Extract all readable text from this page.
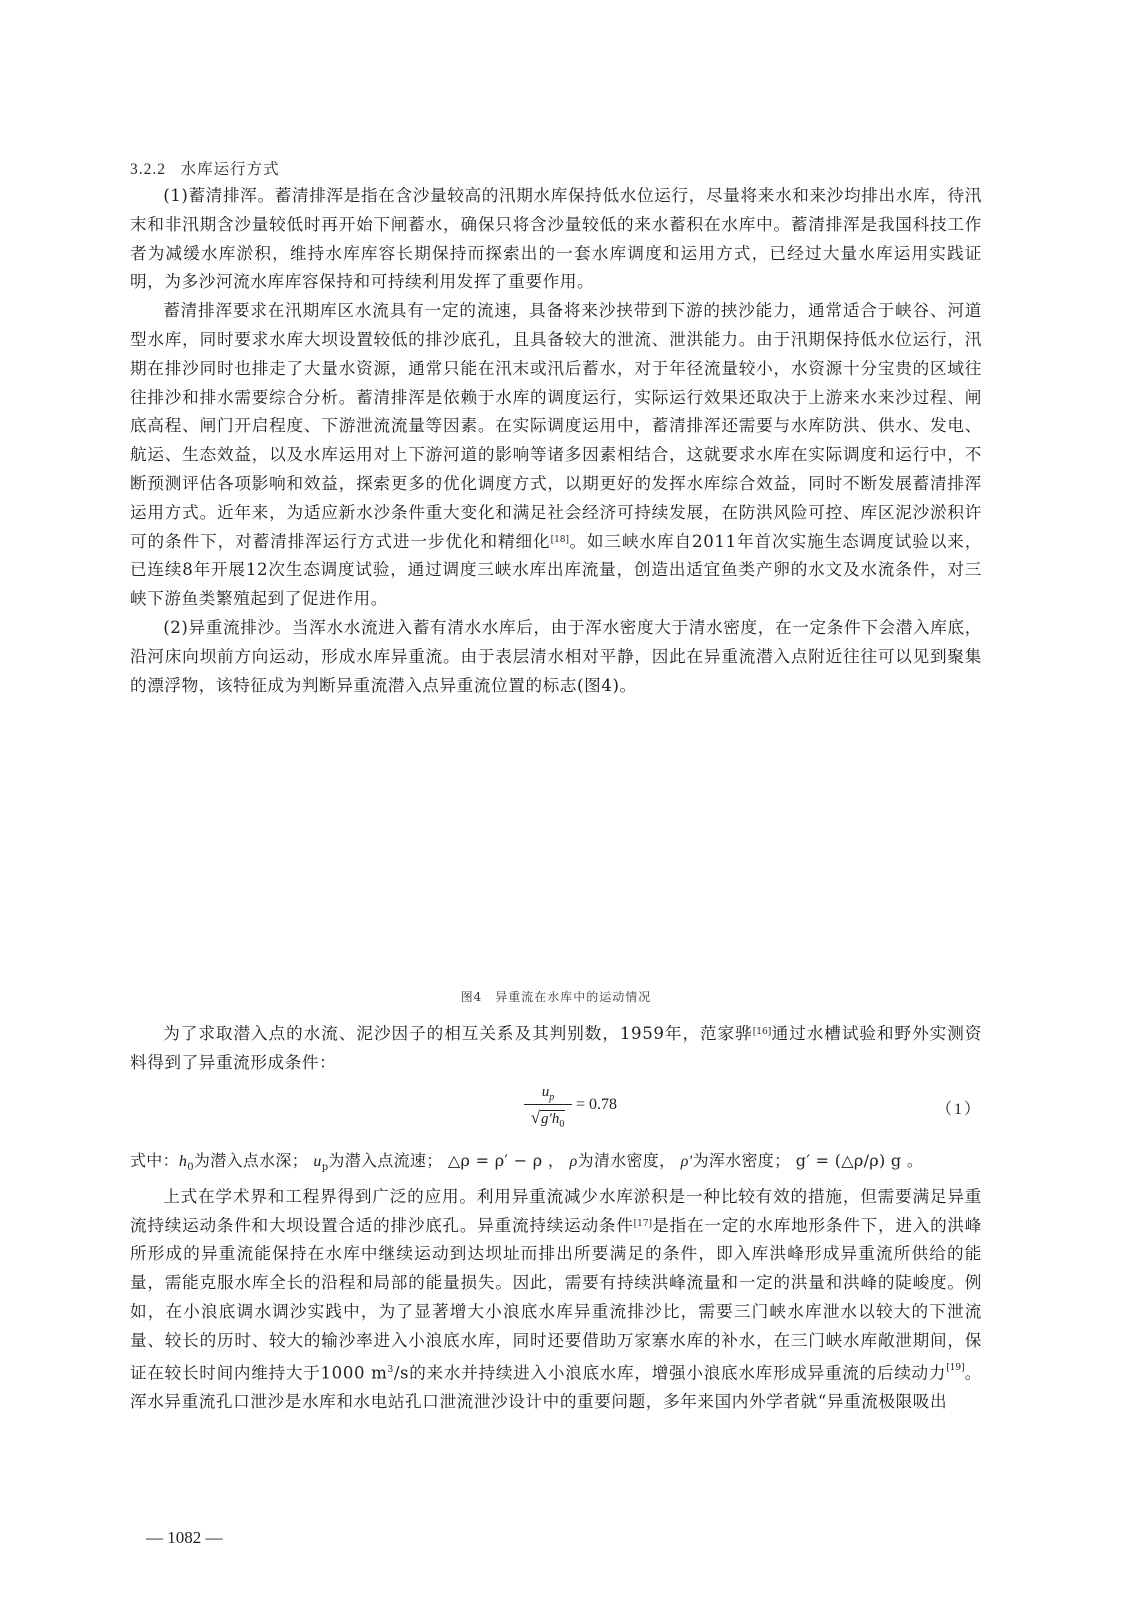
3.2.2 水库运行方式

(1)蓄清排浑。蓄清排浑是指在含沙量较高的汛期水库保持低水位运行，尽量将来水和来沙均排出水库，待汛末和非汛期含沙量较低时再开始下闸蓄水，确保只将含沙量较低的来水蓄积在水库中。蓄清排浑是我国科技工作者为减缓水库淤积，维持水库库容长期保持而探索出的一套水库调度和运用方式，已经过大量水库运用实践证明，为多沙河流水库库容保持和可持续利用发挥了重要作用。

蓄清排浑要求在汛期库区水流具有一定的流速，具备将来沙挟带到下游的挟沙能力，通常适合于峡谷、河道型水库，同时要求水库大坝设置较低的排沙底孔，且具备较大的泄流、泄洪能力。由于汛期保持低水位运行，汛期在排沙同时也排走了大量水资源，通常只能在汛末或汛后蓄水，对于年径流量较小，水资源十分宝贵的区域往往排沙和排水需要综合分析。蓄清排浑是依赖于水库的调度运行，实际运行效果还取决于上游来水来沙过程、闸底高程、闸门开启程度、下游泄流流量等因素。在实际调度运用中，蓄清排浑还需要与水库防洪、供水、发电、航运、生态效益，以及水库运用对上下游河道的影响等诸多因素相结合，这就要求水库在实际调度和运行中，不断预测评估各项影响和效益，探索更多的优化调度方式，以期更好的发挥水库综合效益，同时不断发展蓄清排浑运用方式。近年来，为适应新水沙条件重大变化和满足社会经济可持续发展，在防洪风险可控、库区泥沙淤积许可的条件下，对蓄清排浑运行方式进一步优化和精细化[18]。如三峡水库自2011年首次实施生态调度试验以来，已连续8年开展12次生态调度试验，通过调度三峡水库出库流量，创造出适宜鱼类产卵的水文及水流条件，对三峡下游鱼类繁殖起到了促进作用。

(2)异重流排沙。当浑水水流进入蓄有清水水库后，由于浑水密度大于清水密度，在一定条件下会潜入库底，沿河床向坝前方向运动，形成水库异重流。由于表层清水相对平静，因此在异重流潜入点附近往往可以见到聚集的漂浮物，该特征成为判断异重流潜入点异重流位置的标志(图4)。

图4　异重流在水库中的运动情况

为了求取潜入点的水流、泥沙因子的相互关系及其判别数，1959年，范家骅[16]通过水槽试验和野外实测资料得到了异重流形成条件：

$u_p$
$√g'h_0$
= 0.78	（1）

式中：$h_0$为潜入点水深； $u_p$为潜入点流速； △ρ = ρ′ − ρ ， ρ为清水密度， ρ′为浑水密度； g′ = (△ρ/ρ) g 。

上式在学术界和工程界得到广泛的应用。利用异重流减少水库淤积是一种比较有效的措施，但需要满足异重流持续运动条件和大坝设置合适的排沙底孔。异重流持续运动条件[17]是指在一定的水库地形条件下，进入的洪峰所形成的异重流能保持在水库中继续运动到达坝址而排出所要满足的条件，即入库洪峰形成异重流所供给的能量，需能克服水库全长的沿程和局部的能量损失。因此，需要有持续洪峰流量和一定的洪量和洪峰的陡峻度。例如，在小浪底调水调沙实践中，为了显著增大小浪底水库异重流排沙比，需要三门峡水库泄水以较大的下泄流量、较长的历时、较大的输沙率进入小浪底水库，同时还要借助万家寨水库的补水，在三门峡水库敞泄期间，保证在较长时间内维持大于1000 $m^3/s$的来水并持续进入小浪底水库，增强小浪底水库形成异重流的后续动力[19]。浑水异重流孔口泄沙是水库和水电站孔口泄流泄沙设计中的重要问题，多年来国内外学者就“异重流极限吸出

— 1082 —
